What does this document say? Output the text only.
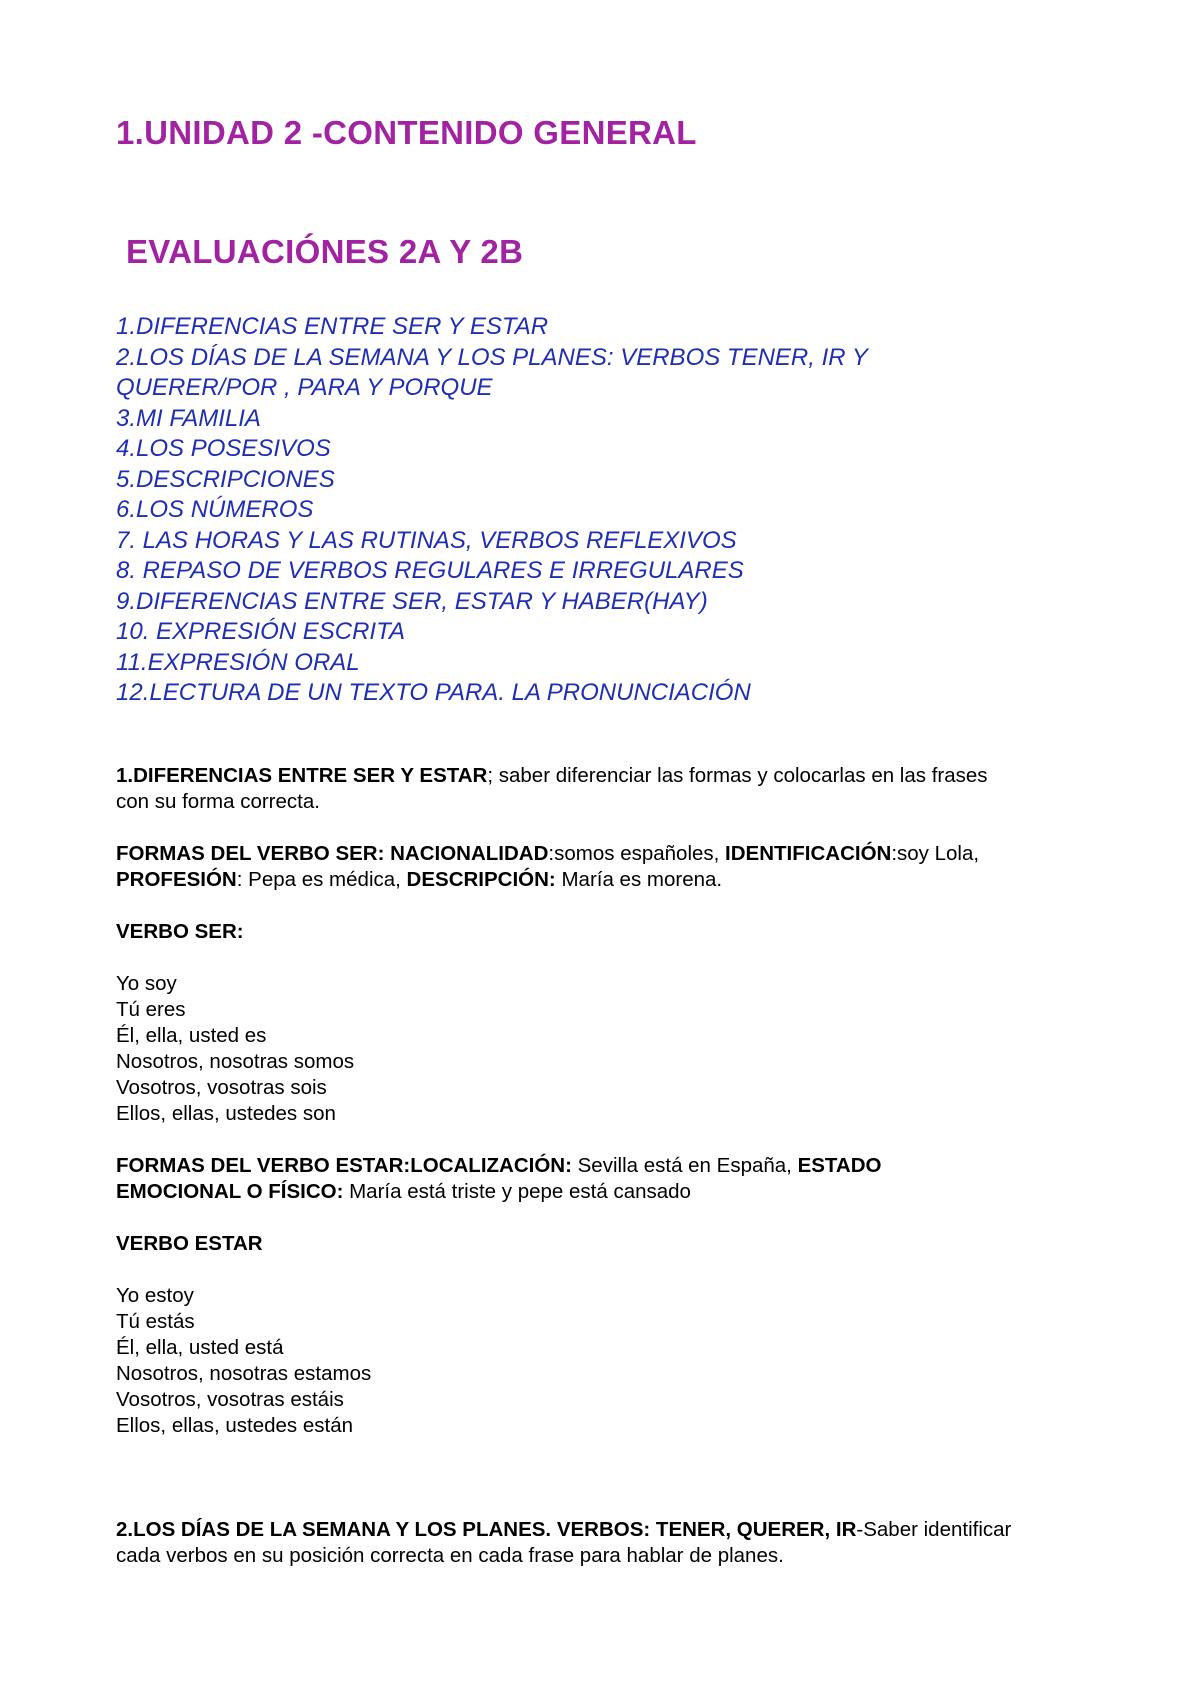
1.UNIDAD 2 -CONTENIDO GENERAL
EVALUACIÓNES 2A Y 2B
1.DIFERENCIAS ENTRE SER Y ESTAR
2.LOS DÍAS DE LA SEMANA Y LOS PLANES: VERBOS TENER, IR Y
QUERER/POR , PARA Y PORQUE
3.MI FAMILIA
4.LOS POSESIVOS
5.DESCRIPCIONES
6.LOS NÚMEROS
7. LAS HORAS Y LAS RUTINAS, VERBOS REFLEXIVOS
8. REPASO DE VERBOS REGULARES E IRREGULARES
9.DIFERENCIAS ENTRE SER, ESTAR Y HABER(HAY)
10. EXPRESIÓN ESCRITA
11.EXPRESIÓN ORAL
12.LECTURA DE UN TEXTO PARA. LA PRONUNCIACIÓN

1.DIFERENCIAS ENTRE SER Y ESTAR; saber diferenciar las formas y colocarlas en las frases

con su forma correcta.

FORMAS DEL VERBO SER: NACIONALIDAD:somos españoles, IDENTIFICACIÓN:soy Lola,

PROFESIÓN: Pepa es médica, DESCRIPCIÓN: María es morena.

VERBO SER:

Yo soy

Tú eres

Él, ella, usted es

Nosotros, nosotras somos

Vosotros, vosotras sois

Ellos, ellas, ustedes son

FORMAS DEL VERBO ESTAR:LOCALIZACIÓN: Sevilla está en España, ESTADO

EMOCIONAL O FÍSICO: María está triste y pepe está cansado

VERBO ESTAR

Yo estoy

Tú estás

Él, ella, usted está

Nosotros, nosotras estamos

Vosotros, vosotras estáis

Ellos, ellas, ustedes están

2.LOS DÍAS DE LA SEMANA Y LOS PLANES. VERBOS: TENER, QUERER, IR-Saber identificar

cada verbos en su posición correcta en cada frase para hablar de planes.
